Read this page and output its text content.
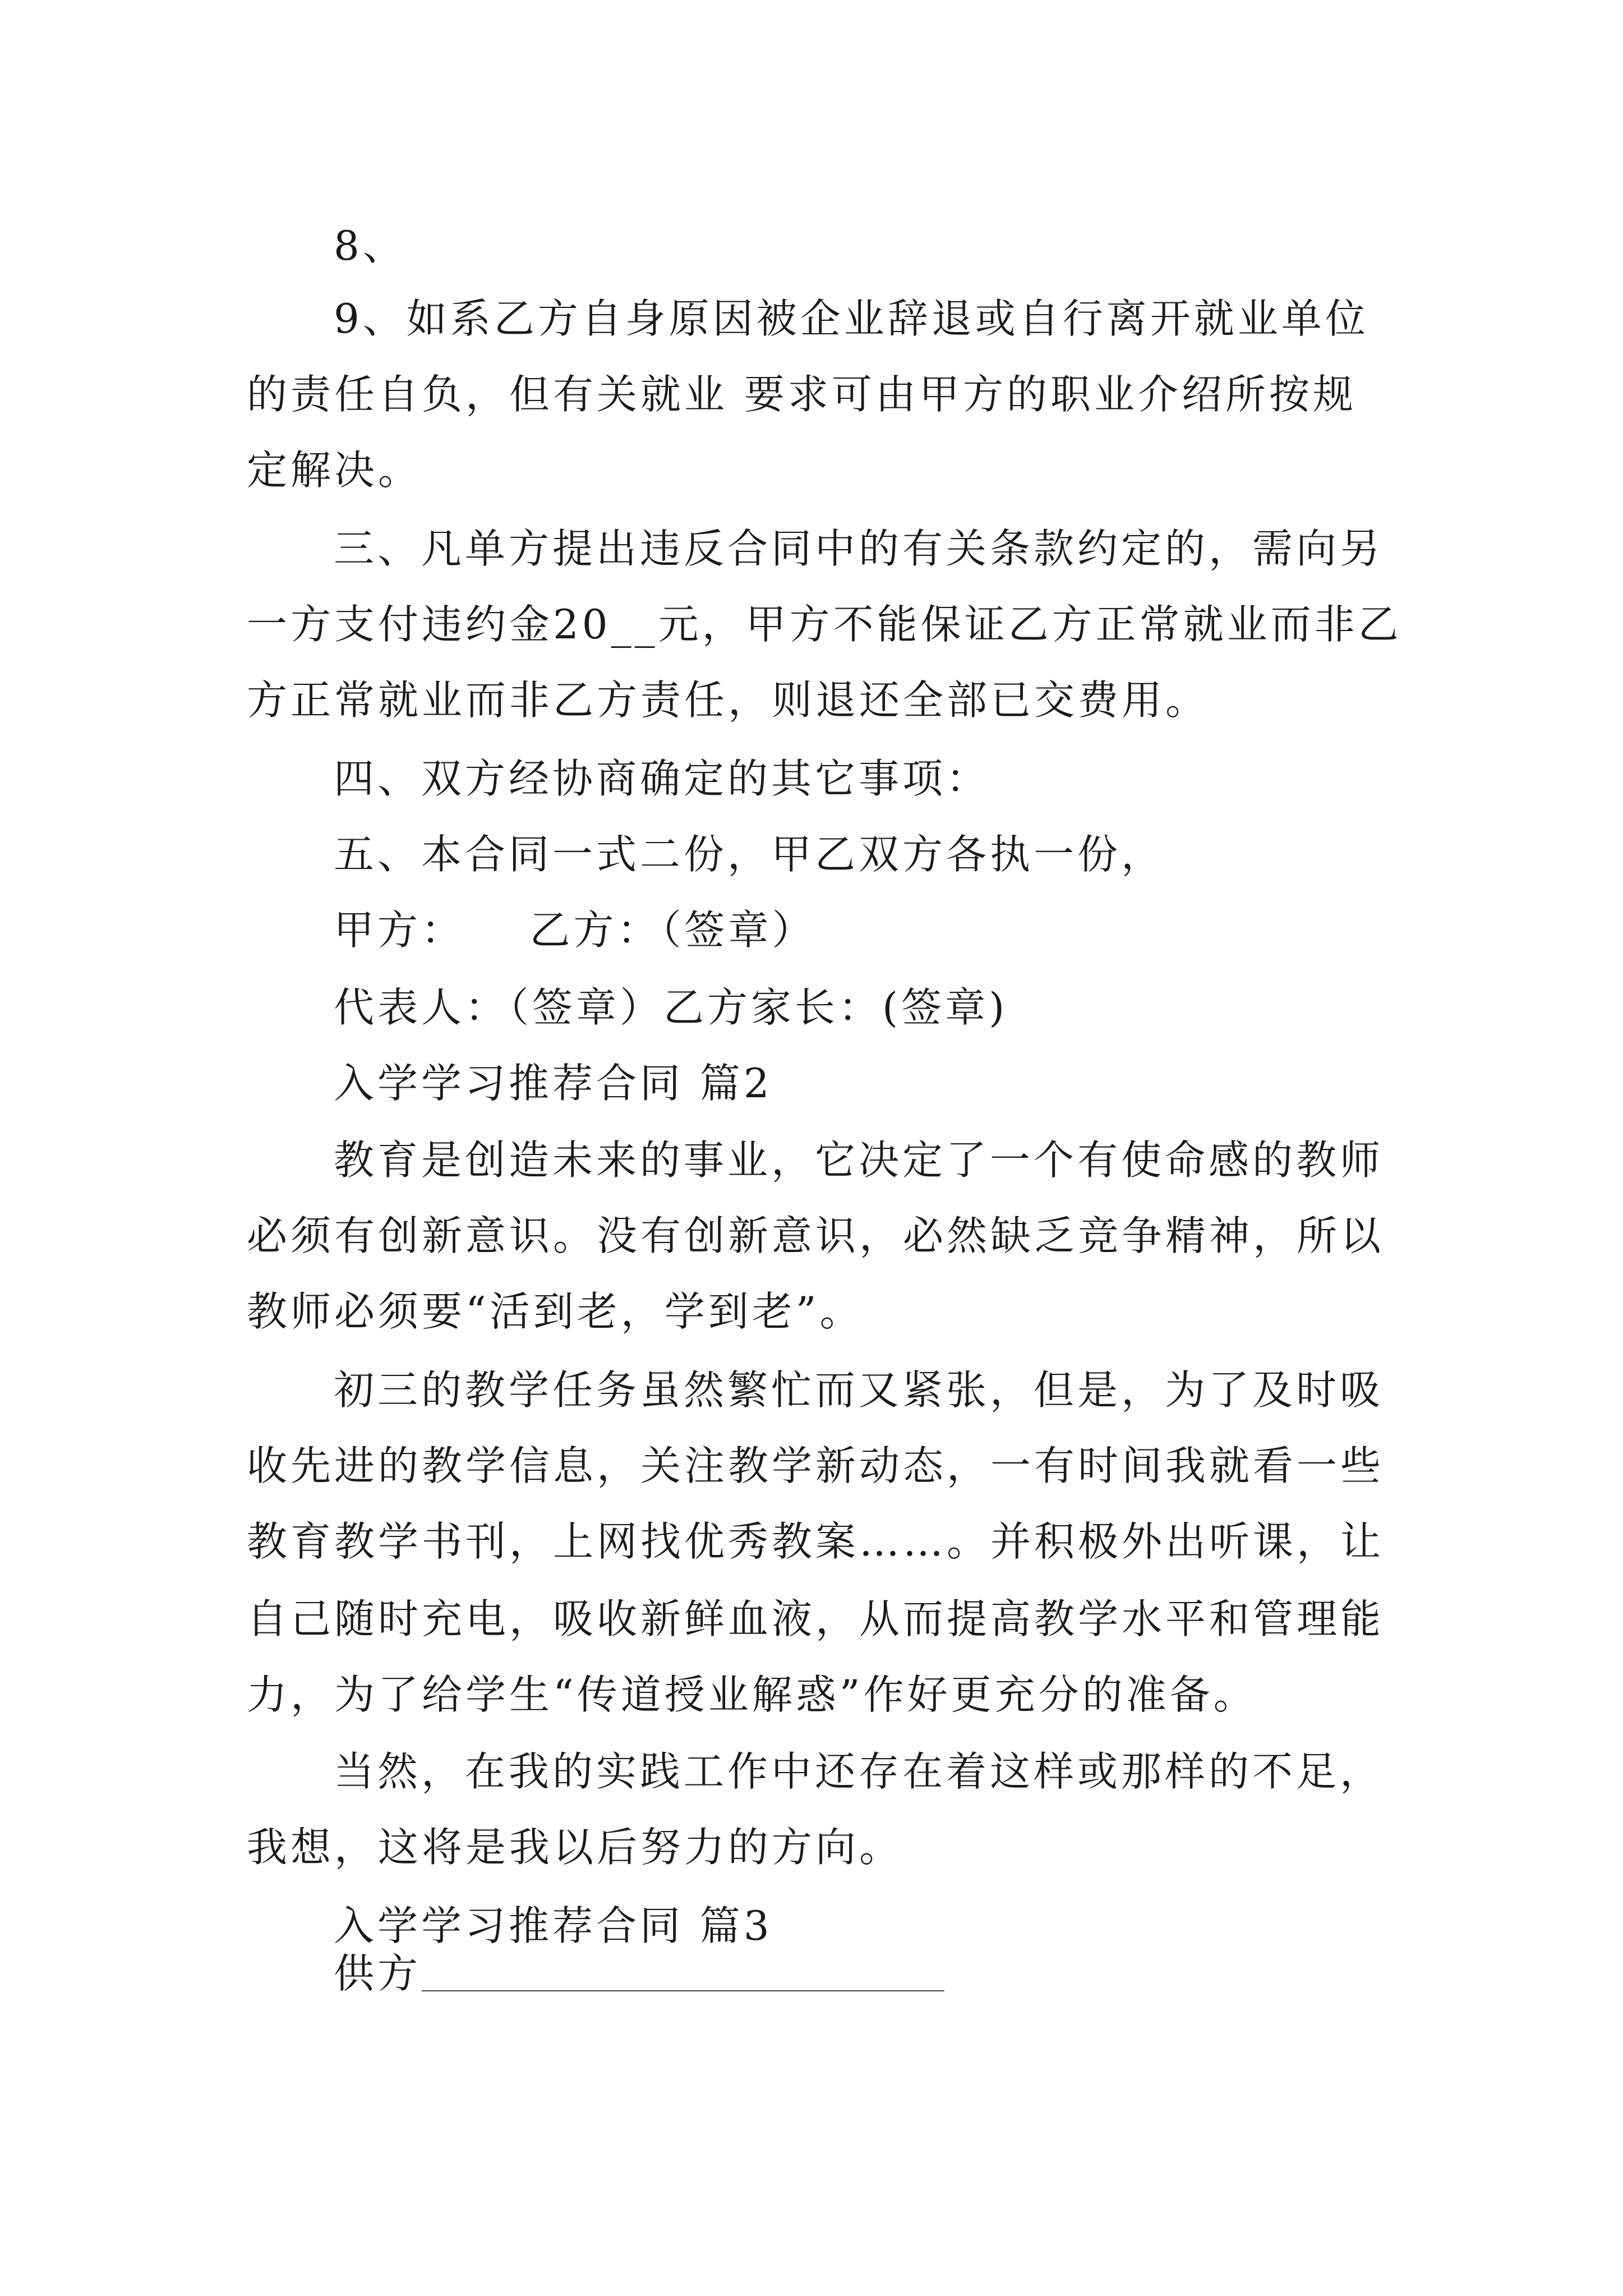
8、
9、如系乙方自身原因被企业辞退或自行离开就业单位
的责任自负，但有关就业 要求可由甲方的职业介绍所按规
定解决。
三、凡单方提出违反合同中的有关条款约定的，需向另
一方支付违约金20__元，甲方不能保证乙方正常就业而非乙
方正常就业而非乙方责任，则退还全部已交费用。
四、双方经协商确定的其它事项：
五、本合同一式二份，甲乙双方各执一份，
甲方：    乙方：（签章）
代表人：（签章）乙方家长：(签章)
入学学习推荐合同 篇2
教育是创造未来的事业，它决定了一个有使命感的教师
必须有创新意识。没有创新意识，必然缺乏竞争精神，所以
教师必须要“活到老，学到老”。
初三的教学任务虽然繁忙而又紧张，但是，为了及时吸
收先进的教学信息，关注教学新动态，一有时间我就看一些
教育教学书刊，上网找优秀教案……。并积极外出听课，让
自己随时充电，吸收新鲜血液，从而提高教学水平和管理能
力，为了给学生“传道授业解惑”作好更充分的准备。
当然，在我的实践工作中还存在着这样或那样的不足，
我想，这将是我以后努力的方向。
入学学习推荐合同 篇3
供方
